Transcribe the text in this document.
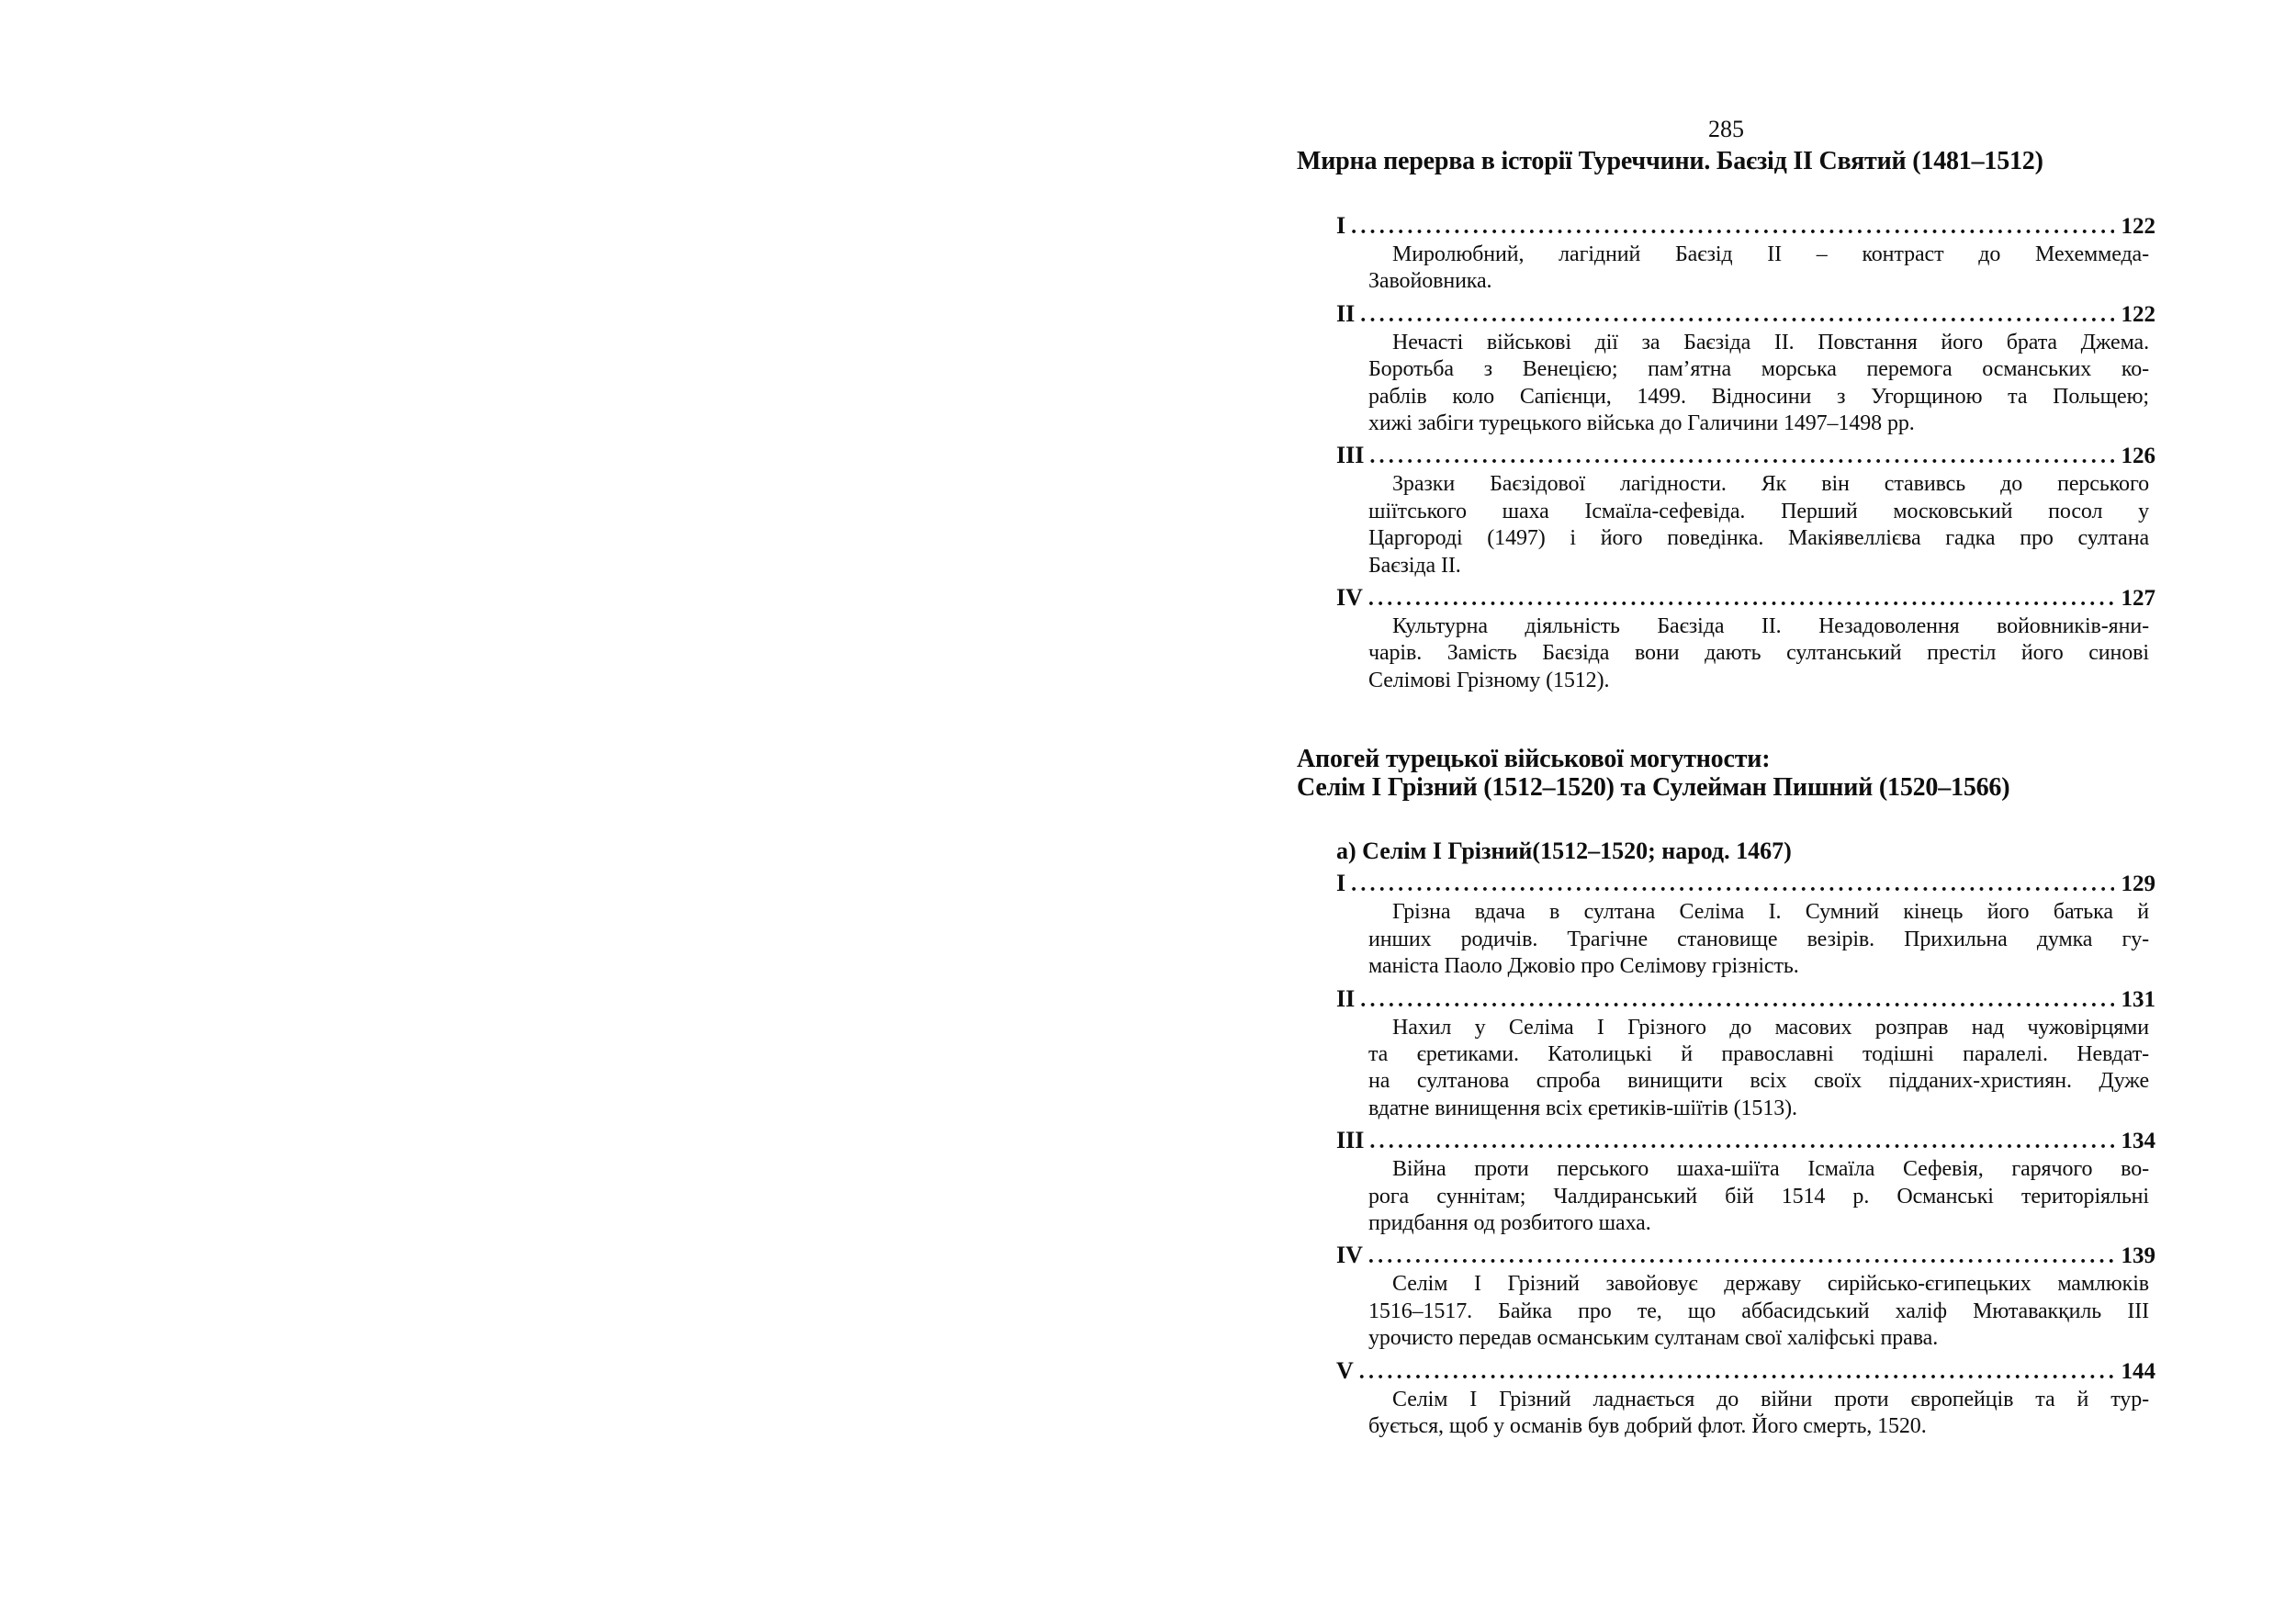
285
Мирна перерва в історії Туреччини. Баєзід II Святий (1481–1512)
I .....	122
Миролюбний, лагідний Баєзід II – контраст до Мехеммеда-
Завойовника.
II .....	122
Нечасті військові дії за Баєзіда II. Повстання його брата Джема.
Боротьба з Венецією; пам’ятна морська перемога османських ко-
раблів коло Сапієнци, 1499. Відносини з Угорщиною та Польщею;
хижі забіги турецького війська до Галичини 1497–1498 рр.
III .....	126
Зразки Баєзідової лагідности. Як він ставивсь до перського
шіїтського шаха Ісмаїла-сефевіда. Перший московський посол у
Царгороді (1497) і його поведінка. Макіявеллієва гадка про султана
Баєзіда II.
IV .....	127
Культурна діяльність Баєзіда II. Незадоволення войовників-яни-
чарів. Замість Баєзіда вони дають султанський престіл його синові
Селімові Грізному (1512).
Апогей турецької військової могутности:
Селім I Грізний (1512–1520) та Сулейман Пишний (1520–1566)
а) Селім I Грізний(1512–1520; народ. 1467)
I .....	129
Грізна вдача в султана Селіма I. Сумний кінець його батька й
инших родичів. Трагічне становище везірів. Прихильна думка гу-
маніста Паоло Джовіо про Селімову грізність.
II .....	131
Нахил у Селіма I Грізного до масових розправ над чужовірцями
та єретиками. Католицькі й православні тодішні паралелі. Невдат-
на султанова спроба винищити всіх своїх підданих-християн. Дуже
вдатне винищення всіх єретиків-шіїтів (1513).
III .....	134
Війна проти перського шаха-шіїта Ісмаїла Сефевія, гарячого во-
рога суннітам; Чалдиранський бій 1514 р. Османські територіяльні
придбання од розбитого шаха.
IV .....	139
Селім I Грізний завойовує державу сирійсько-єгипецьких мамлюків
1516–1517. Байка про те, що аббасидський халіф Мютавакқиль III
урочисто передав османським султанам свої халіфські права.
V .....	144
Селім I Грізний ладнається до війни проти європейців та й тур-
бується, щоб у османів був добрий флот. Його смерть, 1520.
